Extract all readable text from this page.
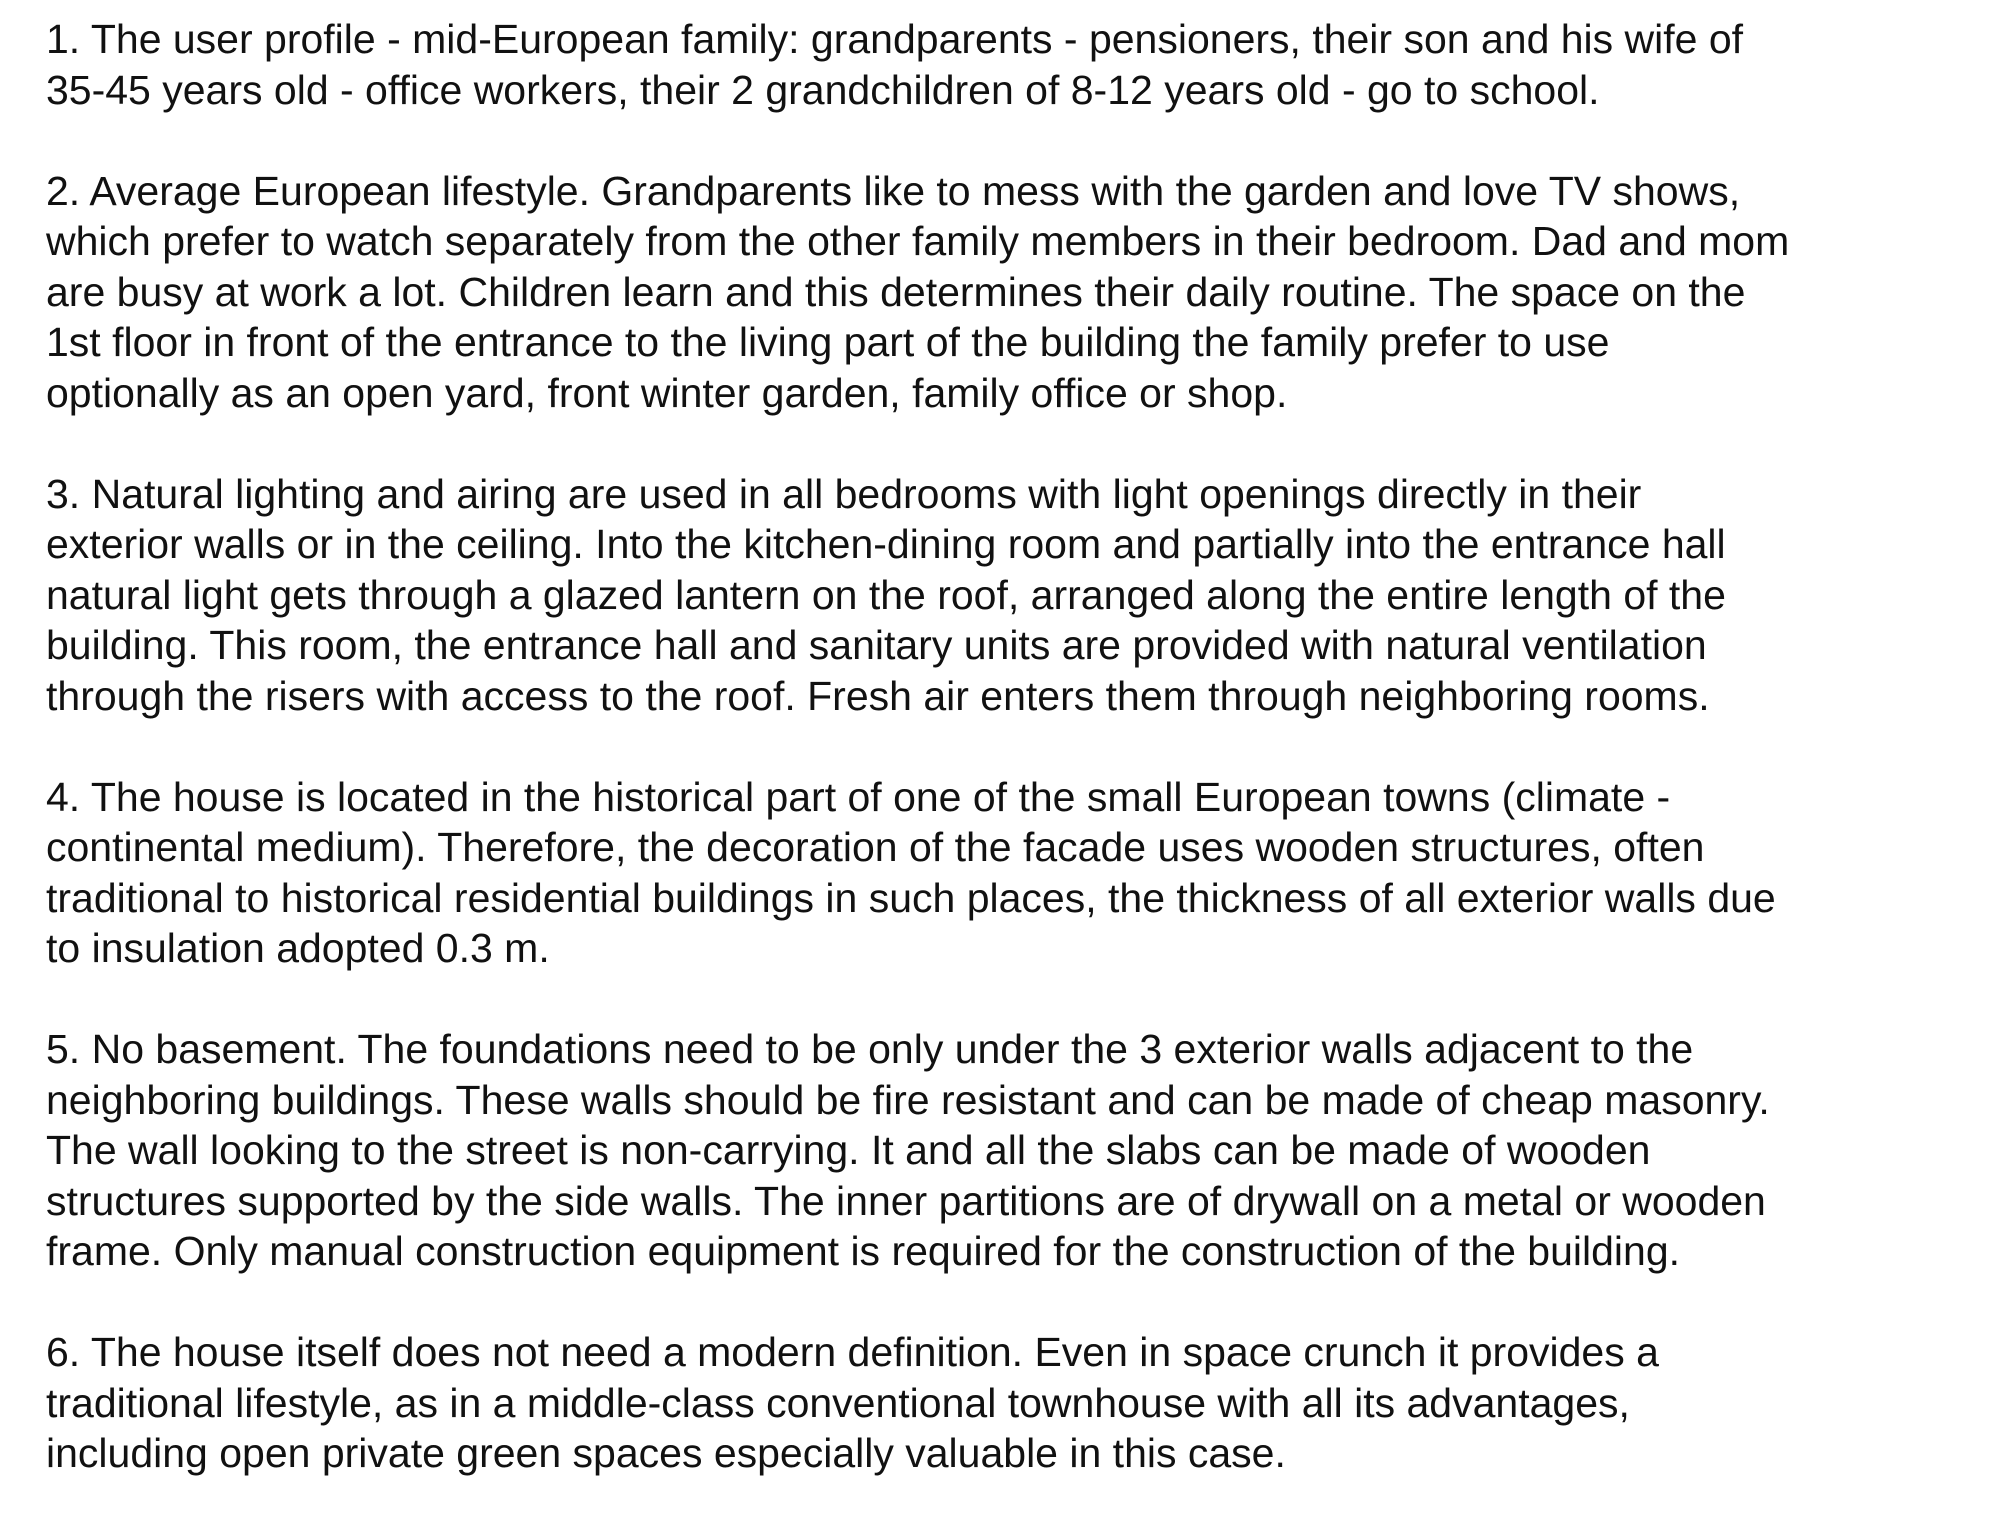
1. The user profile - mid-European family: grandparents - pensioners, their son and his wife of
35-45 years old - office workers, their 2 grandchildren of 8-12 years old - go to school.
2. Average European lifestyle. Grandparents like to mess with the garden and love TV shows,
which prefer to watch separately from the other family members in their bedroom. Dad and mom
are busy at work a lot. Children learn and this determines their daily routine. The space on the
1st floor in front of the entrance to the living part of the building the family prefer to use
optionally as an open yard, front winter garden, family office or shop.
3. Natural lighting and airing are used in all bedrooms with light openings directly in their
exterior walls or in the ceiling. Into the kitchen-dining room and partially into the entrance hall
natural light gets through a glazed lantern on the roof, arranged along the entire length of the
building. This room, the entrance hall and sanitary units are provided with natural ventilation
through the risers with access to the roof. Fresh air enters them through neighboring rooms.
4. The house is located in the historical part of one of the small European towns (climate -
continental medium). Therefore, the decoration of the facade uses wooden structures, often
traditional to historical residential buildings in such places, the thickness of all exterior walls due
to insulation adopted 0.3 m.
5. No basement. The foundations need to be only under the 3 exterior walls adjacent to the
neighboring buildings. These walls should be fire resistant and can be made of cheap masonry.
The wall looking to the street is non-carrying. It and all the slabs can be made of wooden
structures supported by the side walls. The inner partitions are of drywall on a metal or wooden
frame. Only manual construction equipment is required for the construction of the building.
6. The house itself does not need a modern definition. Even in space crunch it provides a
traditional lifestyle, as in a middle-class conventional townhouse with all its advantages,
including open private green spaces especially valuable in this case.
